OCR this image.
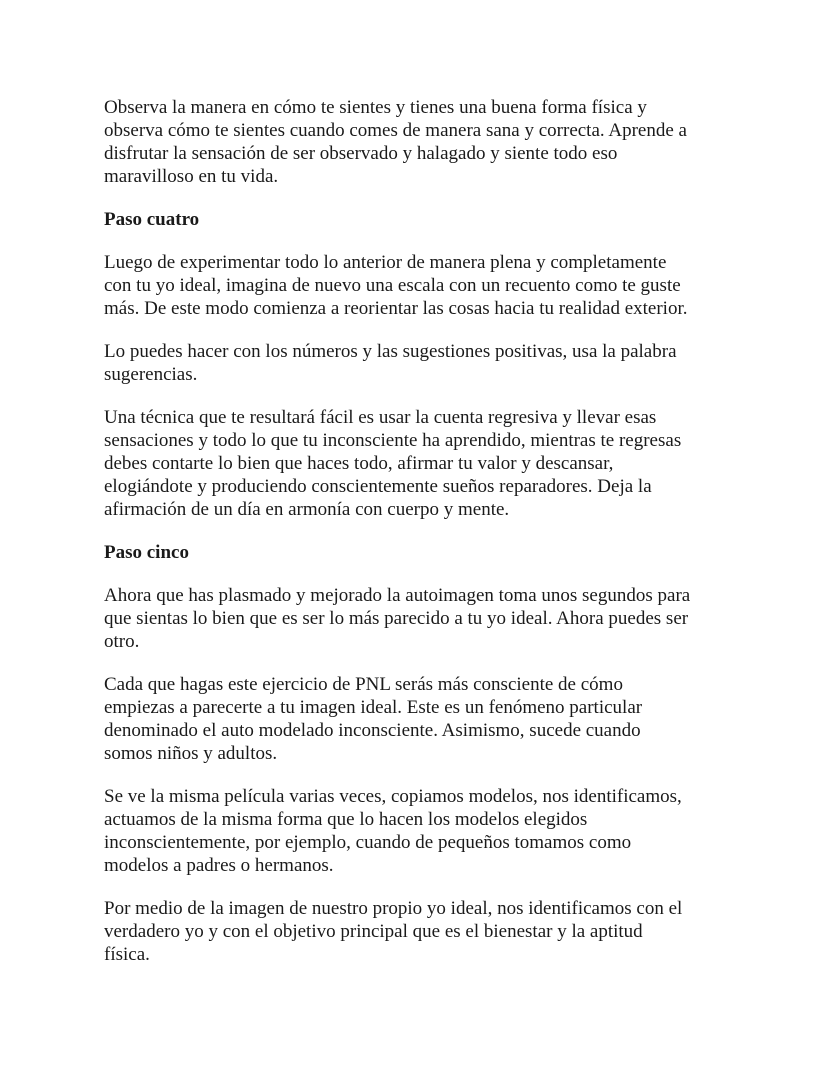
Observa la manera en cómo te sientes y tienes una buena forma física y
observa cómo te sientes cuando comes de manera sana y correcta. Aprende a
disfrutar la sensación de ser observado y halagado y siente todo eso
maravilloso en tu vida.

Paso cuatro

Luego de experimentar todo lo anterior de manera plena y completamente
con tu yo ideal, imagina de nuevo una escala con un recuento como te guste
más. De este modo comienza a reorientar las cosas hacia tu realidad exterior.

Lo puedes hacer con los números y las sugestiones positivas, usa la palabra
sugerencias.

Una técnica que te resultará fácil es usar la cuenta regresiva y llevar esas
sensaciones y todo lo que tu inconsciente ha aprendido, mientras te regresas
debes contarte lo bien que haces todo, afirmar tu valor y descansar,
elogiándote y produciendo conscientemente sueños reparadores. Deja la
afirmación de un día en armonía con cuerpo y mente.

Paso cinco

Ahora que has plasmado y mejorado la autoimagen toma unos segundos para
que sientas lo bien que es ser lo más parecido a tu yo ideal. Ahora puedes ser
otro.

Cada que hagas este ejercicio de PNL serás más consciente de cómo
empiezas a parecerte a tu imagen ideal. Este es un fenómeno particular
denominado el auto modelado inconsciente. Asimismo, sucede cuando
somos niños y adultos.

Se ve la misma película varias veces, copiamos modelos, nos identificamos,
actuamos de la misma forma que lo hacen los modelos elegidos
inconscientemente, por ejemplo, cuando de pequeños tomamos como
modelos a padres o hermanos.

Por medio de la imagen de nuestro propio yo ideal, nos identificamos con el
verdadero yo y con el objetivo principal que es el bienestar y la aptitud
física.
